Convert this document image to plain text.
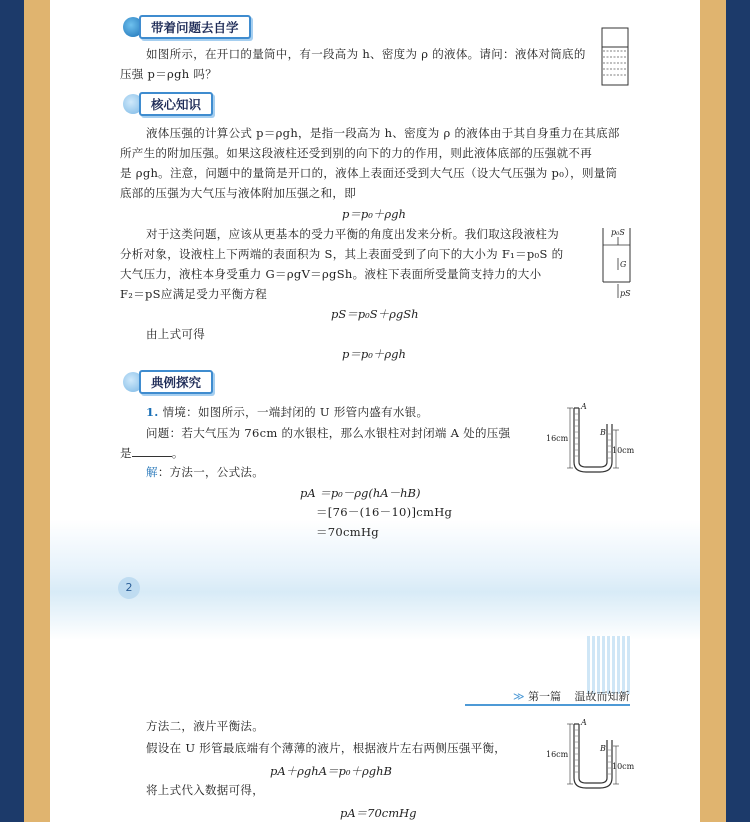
带着问题去自学
如图所示，在开口的量筒中，有一段高为 h、密度为 ρ 的液体。请问：液体对筒底的
压强 p＝ρgh 吗？
核心知识
液体压强的计算公式 p＝ρgh，是指一段高为 h、密度为 ρ 的液体由于其自身重力在其底部
所产生的附加压强。如果这段液柱还受到别的向下的力的作用，则此液体底部的压强就不再
是 ρgh。注意，问题中的量筒是开口的，液体上表面还受到大气压（设大气压强为 p₀），则量筒
底部的压强为大气压与液体附加压强之和，即
p＝p₀＋ρgh
对于这类问题，应该从更基本的受力平衡的角度出发来分析。我们取这段液柱为
分析对象，设液柱上下两端的表面积为 S，其上表面受到了向下的大小为 F₁＝p₀S 的
大气压力，液柱本身受重力 G＝ρgV＝ρgSh。液柱下表面所受量筒支持力的大小
F₂＝pS应满足受力平衡方程
pS＝p₀S＋ρgSh
由上式可得
p＝p₀＋ρgh
p₀S
G
pS
典例探究
1. 情境：如图所示，一端封闭的 U 形管内盛有水银。
问题：若大气压为 76cm 的水银柱，那么水银柱对封闭端 A 处的压强
是	。
解：方法一，公式法。
pA ＝p₀－ρg(hA－hB)
＝[76－(16－10)]cmHg
＝70cmHg
A
B
16cm
10cm
2
≫ 第一篇 温故而知新
方法二，液片平衡法。
假设在 U 形管最底端有个薄薄的液片，根据液片左右两侧压强平衡，
pA＋ρghA＝p₀＋ρghB
将上式代入数据可得，
pA＝70cmHg
A
B
16cm
10cm
